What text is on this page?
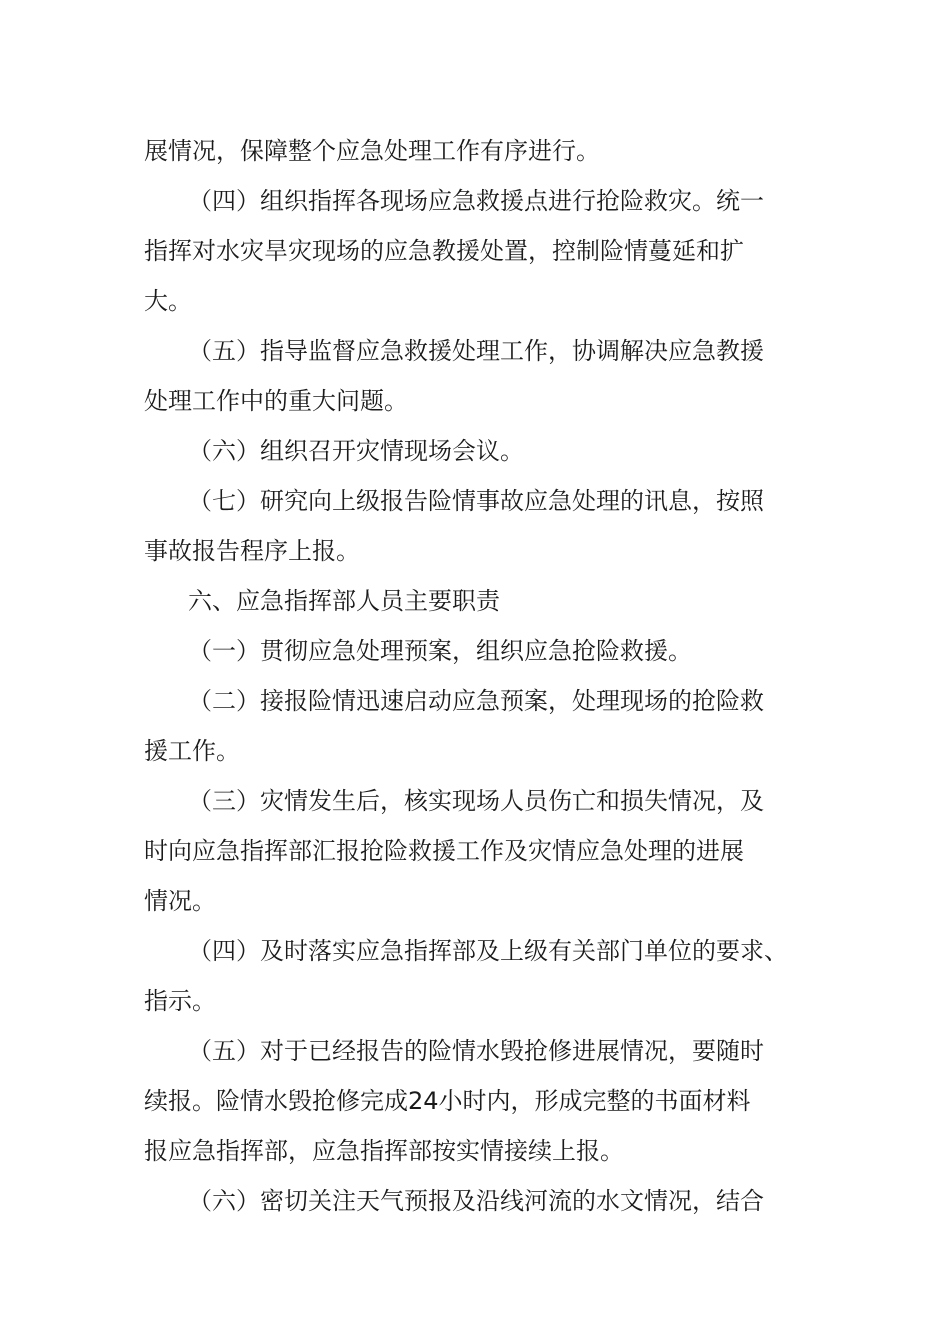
展情况，保障整个应急处理工作有序进行。
（四）组织指挥各现场应急救援点进行抢险救灾。统一
指挥对水灾旱灾现场的应急教援处置，控制险情蔓延和扩
大。
（五）指导监督应急救援处理工作，协调解决应急教援
处理工作中的重大问题。
（六）组织召开灾情现场会议。
（七）研究向上级报告险情事故应急处理的讯息，按照
事故报告程序上报。
六、应急指挥部人员主要职责
（一）贯彻应急处理预案，组织应急抢险救援。
（二）接报险情迅速启动应急预案，处理现场的抢险救
援工作。
（三）灾情发生后，核实现场人员伤亡和损失情况，及
时向应急指挥部汇报抢险救援工作及灾情应急处理的进展
情况。
（四）及时落实应急指挥部及上级有关部门单位的要求、
指示。
（五）对于已经报告的险情水毁抢修进展情况，要随时
续报。险情水毁抢修完成24小时内，形成完整的书面材料
报应急指挥部，应急指挥部按实情接续上报。
（六）密切关注天气预报及沿线河流的水文情况，结合
